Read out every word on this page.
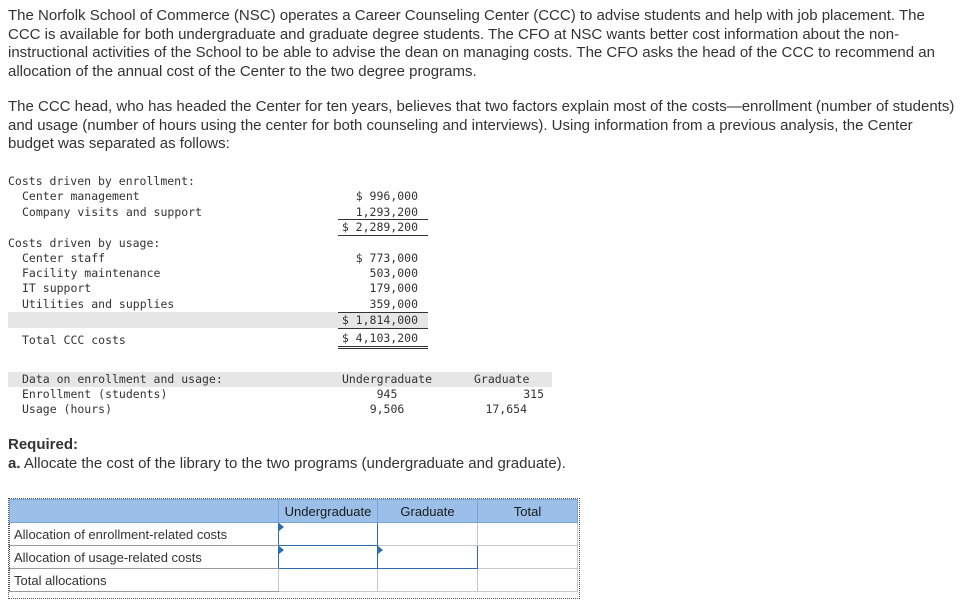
The Norfolk School of Commerce (NSC) operates a Career Counseling Center (CCC) to advise students and help with job placement. The CCC is available for both undergraduate and graduate degree students. The CFO at NSC wants better cost information about the non-instructional activities of the School to be able to advise the dean on managing costs. The CFO asks the head of the CCC to recommend an allocation of the annual cost of the Center to the two degree programs.

The CCC head, who has headed the Center for ten years, believes that two factors explain most of the costs—enrollment (number of students) and usage (number of hours using the center for both counseling and interviews). Using information from a previous analysis, the Center budget was separated as follows:

Costs driven by enrollment:
Center management	$ 996,000
Company visits and support	1,293,200
$ 2,289,200
Costs driven by usage:
Center staff	$ 773,000
Facility maintenance	503,000
IT support	179,000
Utilities and supplies	359,000
$ 1,814,000
Total CCC costs	$ 4,103,200
Data on enrollment and usage:	Undergraduate	Graduate
Enrollment (students)	945	315
Usage (hours)	9,506	17,654
Required:
a. Allocate the cost of the library to the two programs (undergraduate and graduate).
	Undergraduate	Graduate	Total
Allocation of enrollment-related costs	

Allocation of usage-related costs	

Total allocations			
